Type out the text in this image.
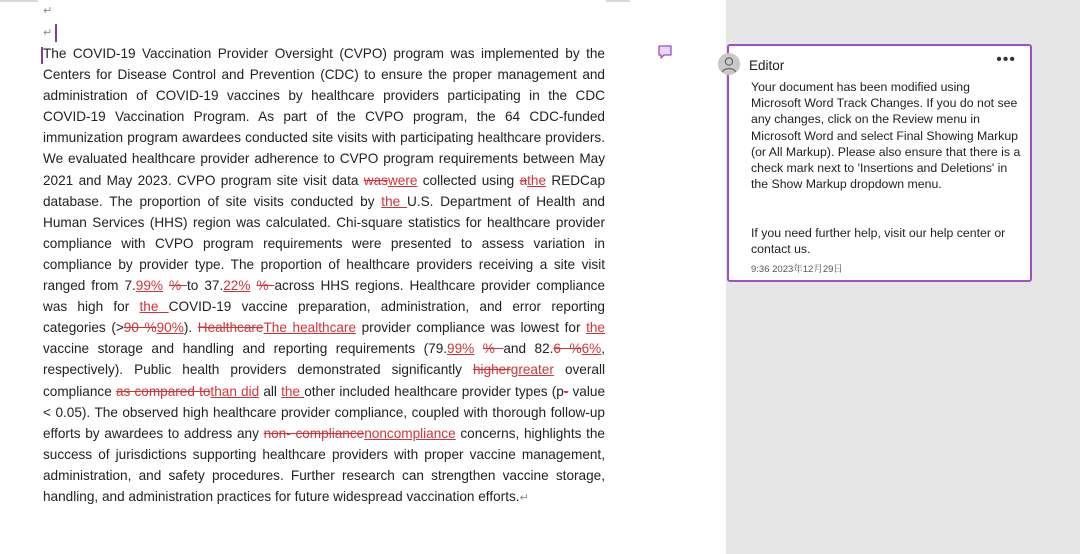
↵
↵

The COVID-19 Vaccination Provider Oversight (CVPO) program was implemented by the Centers for Disease Control and Prevention (CDC) to ensure the proper management and administration of COVID-19 vaccines by healthcare providers participating in the CDC COVID-19 Vaccination Program. As part of the CVPO program, the 64 CDC-funded immunization program awardees conducted site visits with participating healthcare providers. We evaluated healthcare provider adherence to CVPO program requirements between May 2021 and May 2023. CVPO program site visit data waswere collected using athe REDCap database. The proportion of site visits conducted by the U.S. Department of Health and Human Services (HHS) region was calculated. Chi-square statistics for healthcare provider compliance with CVPO program requirements were presented to assess variation in compliance by provider type. The proportion of healthcare providers receiving a site visit ranged from 7.99% % to 37.22% % across HHS regions. Healthcare provider compliance was high for the COVID-19 vaccine preparation, administration, and error reporting categories (>90 %90%). HealthcareThe healthcare provider compliance was lowest for the vaccine storage and handling and reporting requirements (79.99% % and 82.6 %6%, respectively). Public health providers demonstrated significantly highergreater overall compliance as compared tothan did all the other included healthcare provider types (p- value < 0.05). The observed high healthcare provider compliance, coupled with thorough follow-up efforts by awardees to address any non- compliancenoncompliance concerns, highlights the success of jurisdictions supporting healthcare providers with proper vaccine management, administration, and safety procedures. Further research can strengthen vaccine storage, handling, and administration practices for future widespread vaccination efforts.↵

Editor	•••
Your document has been modified using Microsoft Word Track Changes. If you do not see any changes, click on the Review menu in Microsoft Word and select Final Showing Markup (or All Markup). Please also ensure that there is a check mark next to 'Insertions and Deletions' in the Show Markup dropdown menu.
If you need further help, visit our help center or contact us.
9:36 2023年12月29日
